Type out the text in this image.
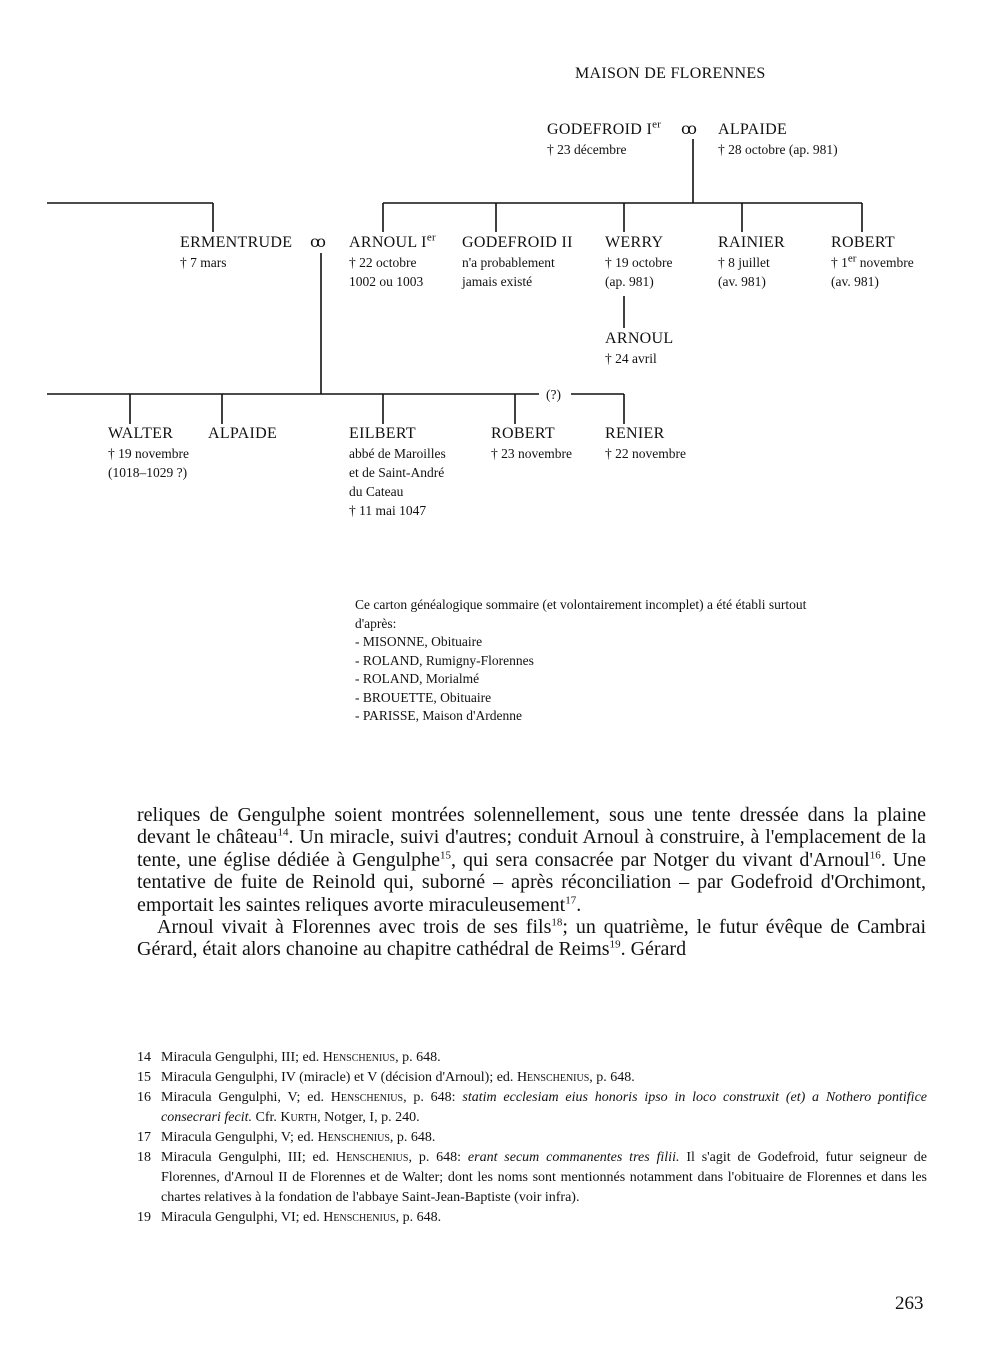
MAISON DE FLORENNES
GODEFROID Ier ꝏ
† 23 décembre
ALPAIDE
† 28 octobre (ap. 981)
ERMENTRUDE
† 7 mars
ꝏ ARNOUL Ier
† 22 octobre
1002 ou 1003
GODEFROID II
n'a probablement
jamais existé
WERRY
† 19 octobre
(ap. 981)
RAINIER
† 8 juillet
(av. 981)
ROBERT
† 1er novembre
(av. 981)
ARNOUL
† 24 avril
(?)
WALTER
† 19 novembre
(1018–1029 ?)
ALPAIDE	EILBERT
abbé de Maroilles
et de Saint-André
du Cateau
† 11 mai 1047
ROBERT
† 23 novembre
RENIER
† 22 novembre
Ce carton généalogique sommaire (et volontairement incomplet) a été établi surtout
d'après:
- MISONNE, Obituaire
- ROLAND, Rumigny-Florennes
- ROLAND, Morialmé
- BROUETTE, Obituaire
- PARISSE, Maison d'Ardenne

reliques de Gengulphe soient montrées solennellement, sous une tente dressée dans la plaine devant le château$^{14}$. Un miracle, suivi d'autres; conduit Arnoul à construire, à l'emplacement de la tente, une église dédiée à Gengulphe$^{15}$, qui sera consacrée par Notger du vivant d'Arnoul$^{16}$. Une tentative de fuite de Reinold qui, suborné – après réconciliation – par Godefroid d'Orchimont, emportait les saintes reliques avorte miraculeusement$^{17}$.

Arnoul vivait à Florennes avec trois de ses fils$^{18}$; un quatrième, le futur évêque de Cambrai Gérard, était alors chanoine au chapitre cathédral de Reims$^{19}$. Gérard

14 Miracula Gengulphi, III; ed. Henschenius, p. 648.
15 Miracula Gengulphi, IV (miracle) et V (décision d'Arnoul); ed. Henschenius, p. 648.
16 Miracula Gengulphi, V; ed. Henschenius, p. 648: statim ecclesiam eius honoris ipso in loco construxit (et) a Nothero pontifice consecrari fecit. Cfr. Kurth, Notger, I, p. 240.
17 Miracula Gengulphi, V; ed. Henschenius, p. 648.
18 Miracula Gengulphi, III; ed. Henschenius, p. 648: erant secum commanentes tres filii. Il s'agit de Godefroid, futur seigneur de Florennes, d'Arnoul II de Florennes et de Walter; dont les noms sont mentionnés notamment dans l'obituaire de Florennes et dans les chartes relatives à la fondation de l'abbaye Saint-Jean-Baptiste (voir infra).
19 Miracula Gengulphi, VI; ed. Henschenius, p. 648.
263
